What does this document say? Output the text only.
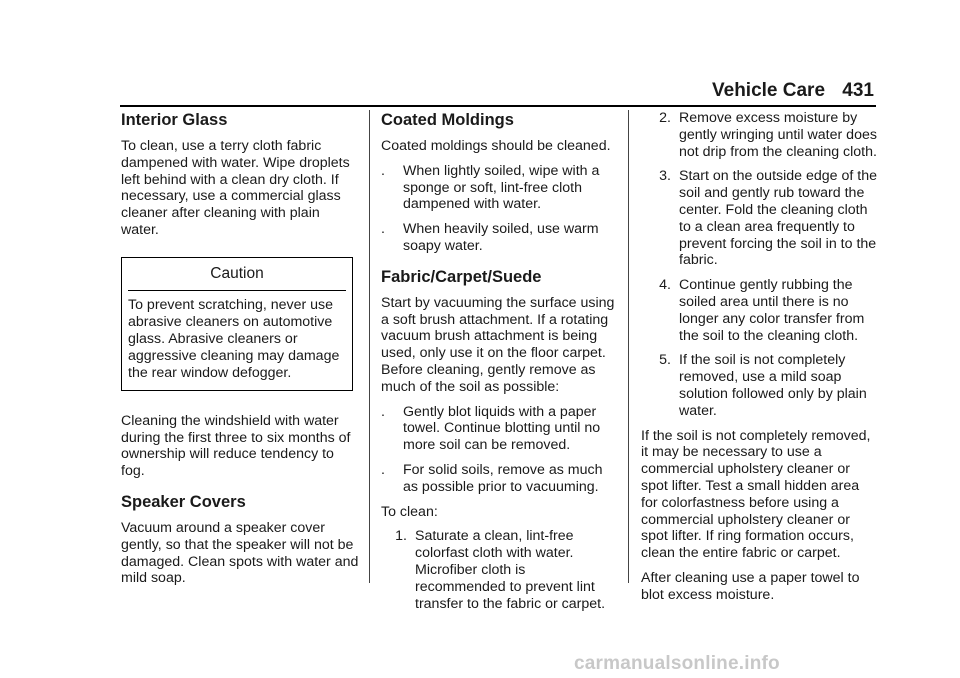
Vehicle Care 431
Interior Glass

To clean, use a terry cloth fabric dampened with water. Wipe droplets left behind with a clean dry cloth. If necessary, use a commercial glass cleaner after cleaning with plain water.

Caution
To prevent scratching, never use abrasive cleaners on automotive glass. Abrasive cleaners or aggressive cleaning may damage the rear window defogger.

Cleaning the windshield with water during the first three to six months of ownership will reduce tendency to fog.

Speaker Covers

Vacuum around a speaker cover gently, so that the speaker will not be damaged. Clean spots with water and mild soap.

Coated Moldings

Coated moldings should be cleaned.

.	When lightly soiled, wipe with a sponge or soft, lint-free cloth dampened with water.
.	When heavily soiled, use warm soapy water.
Fabric/Carpet/Suede

Start by vacuuming the surface using a soft brush attachment. If a rotating vacuum brush attachment is being used, only use it on the floor carpet. Before cleaning, gently remove as much of the soil as possible:

.	Gently blot liquids with a paper towel. Continue blotting until no more soil can be removed.
.	For solid soils, remove as much as possible prior to vacuuming.

To clean:

1. Saturate a clean, lint-free colorfast cloth with water. Microfiber cloth is recommended to prevent lint transfer to the fabric or carpet.
2. Remove excess moisture by gently wringing until water does not drip from the cleaning cloth.
3. Start on the outside edge of the soil and gently rub toward the center. Fold the cleaning cloth to a clean area frequently to prevent forcing the soil in to the fabric.
4. Continue gently rubbing the soiled area until there is no longer any color transfer from the soil to the cleaning cloth.
5. If the soil is not completely removed, use a mild soap solution followed only by plain water.

If the soil is not completely removed, it may be necessary to use a commercial upholstery cleaner or spot lifter. Test a small hidden area for colorfastness before using a commercial upholstery cleaner or spot lifter. If ring formation occurs, clean the entire fabric or carpet.

After cleaning use a paper towel to blot excess moisture.

carmanualsonline.info
